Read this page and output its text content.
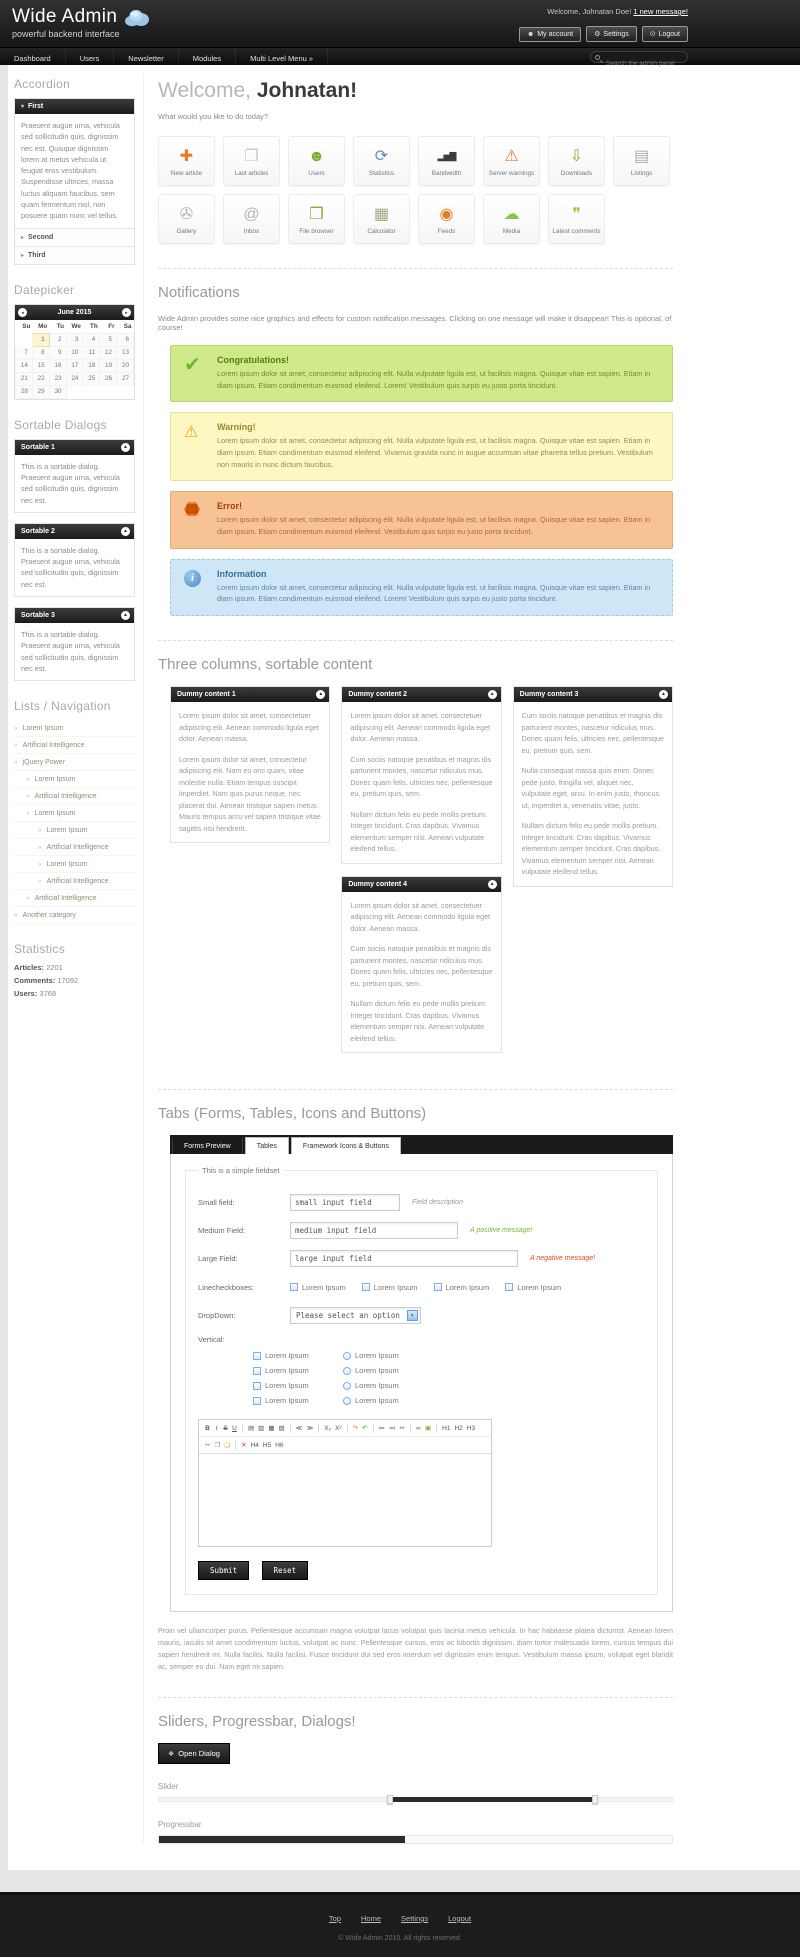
Wide Admin
powerful backend interface
Welcome, Johnatan Doe! 1 new message!
☻ My account	⚙ Settings	⊙ Logout
Dashboard	Users	Newsletter	Modules	Multi Level Menu »
Search the admin panel
Accordion
▾ First
Praesent augue urna, vehicula sed sollicitudin quis, dignissim nec est. Quisque dignissim lorem at metus vehicula ut feugiat eros vestibulum. Suspendisse ultrices, massa luctus aliquam faucibus, sem quam fermentum nisl, non posuere quam nunc vel tellus.
▸ Second
▸ Third
Datepicker
◄	June 2015	►
Su	Mo	Tu	We	Th	Fr	Sa
	1	2	3	4	5	6
7	8	9	10	11	12	13
14	15	16	17	18	19	20
21	22	23	24	25	26	27
28	29	30				
Sortable Dialogs
Sortable 1	▴
This is a sortable dialog. Praesent augue urna, vehicula sed sollicitudin quis, dignissim nec est.
Sortable 2	▴
This is a sortable dialog. Praesent augue urna, vehicula sed sollicitudin quis, dignissim nec est.
Sortable 3	▴
This is a sortable dialog. Praesent augue urna, vehicula sed sollicitudin quis, dignissim nec est.
Lists / Navigation
» Lorem Ipsum
» Artificial Intelligence
» jQuery Power
» Lorem Ipsum
» Artificial Intelligence
» Lorem Ipsum
» Lorem Ipsum
» Artificial Intelligence
» Lorem Ipsum
» Artificial Intelligence
» Artificial Intelligence
» Another category
Statistics
Articles: 2201
Comments: 17092
Users: 3768
Welcome, Johnatan!
What would you like to do today?
✚
New article
❐
Last articles
☻
Users
⟳
Statistics
▂▅▇
Bandwidth
⚠
Server warnings
⇩
Downloads
▤
Listings
✇
Gallery
@
Inbox
❒
File browser
▦
Calculator
◉
Feeds
☁
Media
❞
Latest comments
Notifications
Wide Admin provides some nice graphics and effects for custom notification messages. Clicking on one message will make it disappear! This is optional, of course!
✔ Congratulations!
Lorem ipsum dolor sit amet, consectetur adipiscing elit. Nulla vulputate ligula est, ut facilisis magna. Quisque vitae est sapien. Etiam in diam ipsum. Etiam condimentum euismod eleifend. Lorem! Vestibulum quis turpis eu justo porta tincidunt.
⚠ Warning!
Lorem ipsum dolor sit amet, consectetur adipiscing elit. Nulla vulputate ligula est, ut facilisis magna. Quisque vitae est sapien. Etiam in diam ipsum. Etiam condimentum euismod eleifend. Vivamus gravida nunc in augue accumsan vitae pharetra tellus pretium. Vestibulum non mauris in nunc dictum faucibus.
Error!
Lorem ipsum dolor sit amet, consectetur adipiscing elit. Nulla vulputate ligula est, ut facilisis magna. Quisque vitae est sapien. Etiam in diam ipsum. Etiam condimentum euismod eleifend. Vestibulum quis turpis eu justo porta tincidunt.
i	Information
Lorem ipsum dolor sit amet, consectetur adipiscing elit. Nulla vulputate ligula est, ut facilisis magna. Quisque vitae est sapien. Etiam in diam ipsum. Etiam condimentum euismod eleifend. Lorem! Vestibulum quis turpis eu justo porta tincidunt.
Three columns, sortable content
Dummy content 1	▴

Lorem ipsum dolor sit amet, consectetuer adipiscing elit. Aenean commodo ligula eget dolor. Aenean massa.

Lorem ipsum dolor sit amet, consectetur adipiscing elit. Nam eu orci quam, vitae molestie nulla. Etiam tempus suscipit imperdiet. Nam quis purus neque, nec placerat dui. Aenean tristique sapien metus. Mauris tempus arcu vel sapien tristique vitae sagittis nisi hendrerit.

Dummy content 2	▴

Lorem ipsum dolor sit amet, consectetuer adipiscing elit. Aenean commodo ligula eget dolor. Aenean massa.

Cum sociis natoque penatibus et magnis dis parturient montes, nascetur ridiculus mus. Donec quam felis, ultricies nec, pellentesque eu, pretium quis, sem.

Nullam dictum felis eu pede mollis pretium. Integer tincidunt. Cras dapibus. Vivamus elementum semper nisi. Aenean vulputate eleifend tellus.

Dummy content 4	▴

Lorem ipsum dolor sit amet, consectetuer adipiscing elit. Aenean commodo ligula eget dolor. Aenean massa.

Cum sociis natoque penatibus et magnis dis parturient montes, nascetur ridiculus mus. Donec quam felis, ultricies nec, pellentesque eu, pretium quis, sem.

Nullam dictum felis eu pede mollis pretium. Integer tincidunt. Cras dapibus. Vivamus elementum semper nisi. Aenean vulputate eleifend tellus.

Dummy content 3	▴

Cum sociis natoque penatibus et magnis dis parturient montes, nascetur ridiculus mus. Donec quam felis, ultricies nec, pellentesque eu, pretium quis, sem.

Nulla consequat massa quis enim. Donec pede justo, fringilla vel, aliquet nec, vulputate eget, arcu. In enim justo, rhoncus ut, imperdiet a, venenatis vitae, justo.

Nullam dictum felis eu pede mollis pretium. Integer tincidunt. Cras dapibus. Vivamus elementum semper tincidunt. Cras dapibus. Vivamus elementum semper nisi. Aenean vulputate eleifend tellus.

Tabs (Forms, Tables, Icons and Buttons)
Forms Preview	Tables	Framework Icons & Buttons
This is a simple fieldset
Small field:
small input field	Field description
Medium Field:
medium input field	A positive message!
Large Field:
large input field	A negative message!
Linecheckboxes:	Lorem Ipsum	Lorem Ipsum	Lorem Ipsum	Lorem Ipsum
DropDown:	Please select an option	▾
Vertical:
Lorem Ipsum	Lorem Ipsum
Lorem Ipsum	Lorem Ipsum
Lorem Ipsum	Lorem Ipsum
Lorem Ipsum	Lorem Ipsum
B I S U	▤ ▥ ▦ ▧	≪ ≫	X₂ X²	↷ ↶	≔ ≕ ✂	∞ ▣	H1 H2 H3
✂ ❐ ❑	✕ H4 H5 H6
Submit	Reset
Proin vel ullamcorper purus. Pellentesque accumsan magna volutpat lacus volutpat quis lacinia metus vehicula. In hac habitasse platea dictumst. Aenean lorem mauris, iaculis sit amet condimentum luctus, volutpat ac nunc. Pellentesque cursus, eros ac lobortis dignissim, diam tortor malesuada lorem, cursus tempus dui sapien hendrerit mi. Nulla facilisi. Nulla facilisi. Fusce tincidunt dui sed eros interdum vel dignissim enim tempus. Vestibulum massa ipsum, volutpat eget blandit ac, semper eu dui. Nam eget mi sapien.
Sliders, Progressbar, Dialogs!
❖ Open Dialog
Slider
Progressbar
Top	Home	Settings	Logout
© Wide Admin 2010. All rights reserved.
